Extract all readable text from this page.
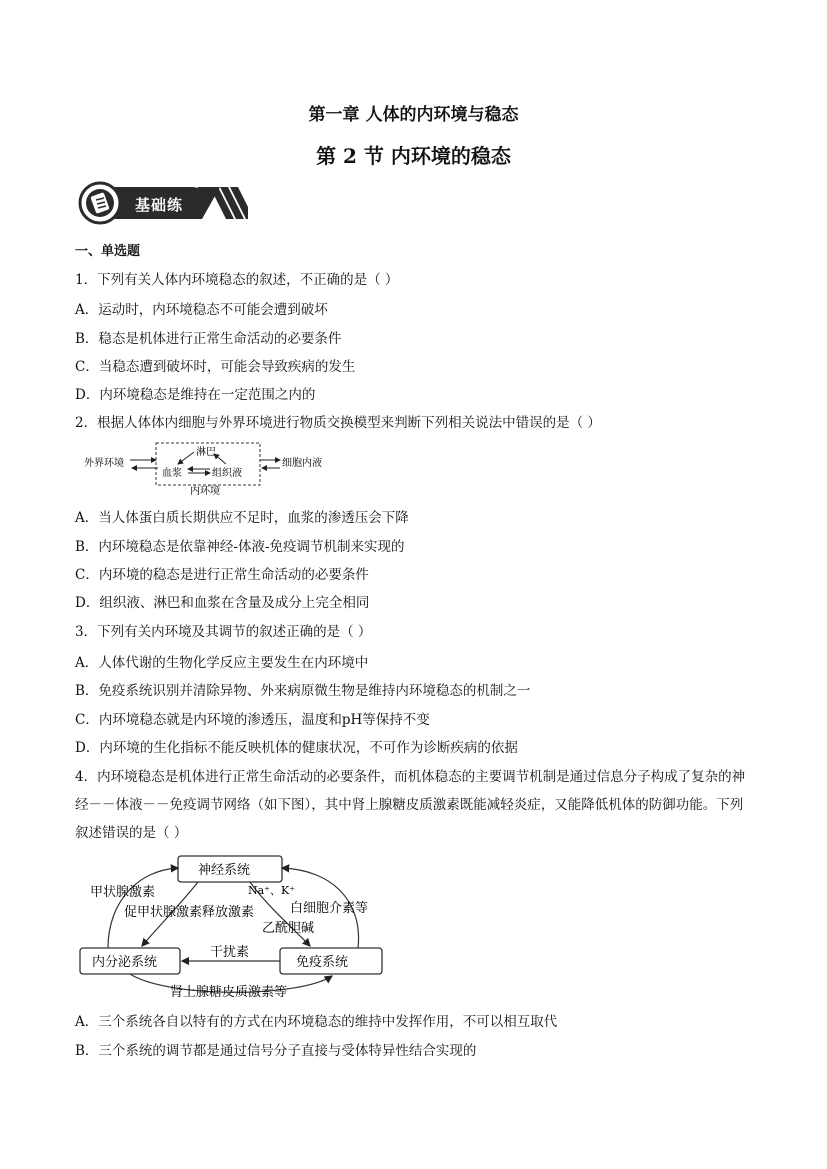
第一章 人体的内环境与稳态
第 2 节 内环境的稳态
基础练
一、单选题
1．下列有关人体内环境稳态的叙述，不正确的是（ ）
A．运动时，内环境稳态不可能会遭到破坏
B．稳态是机体进行正常生命活动的必要条件
C．当稳态遭到破坏时，可能会导致疾病的发生
D．内环境稳态是维持在一定范围之内的
2．根据人体体内细胞与外界环境进行物质交换模型来判断下列相关说法中错误的是（ ）
外界环境
淋巴
血浆	组织液
细胞内液
内环境
A．当人体蛋白质长期供应不足时，血浆的渗透压会下降
B．内环境稳态是依靠神经-体液-免疫调节机制来实现的
C．内环境的稳态是进行正常生命活动的必要条件
D．组织液、淋巴和血浆在含量及成分上完全相同
3．下列有关内环境及其调节的叙述正确的是（ ）
A．人体代谢的生物化学反应主要发生在内环境中
B．免疫系统识别并清除异物、外来病原微生物是维持内环境稳态的机制之一
C．内环境稳态就是内环境的渗透压，温度和pH等保持不变
D．内环境的生化指标不能反映机体的健康状况，不可作为诊断疾病的依据
4．内环境稳态是机体进行正常生命活动的必要条件，而机体稳态的主要调节机制是通过信息分子构成了复杂的神经－－体液－－免疫调节网络（如下图），其中肾上腺糖皮质激素既能减轻炎症，又能降低机体的防御功能。下列叙述错误的是（ ）
神经系统
内分泌系统	免疫系统
甲状腺激素
促甲状腺激素释放激素
Na⁺、K⁺
白细胞介素等
乙酰胆碱
干扰素
肾上腺糖皮质激素等
A．三个系统各自以特有的方式在内环境稳态的维持中发挥作用，不可以相互取代
B．三个系统的调节都是通过信号分子直接与受体特异性结合实现的
